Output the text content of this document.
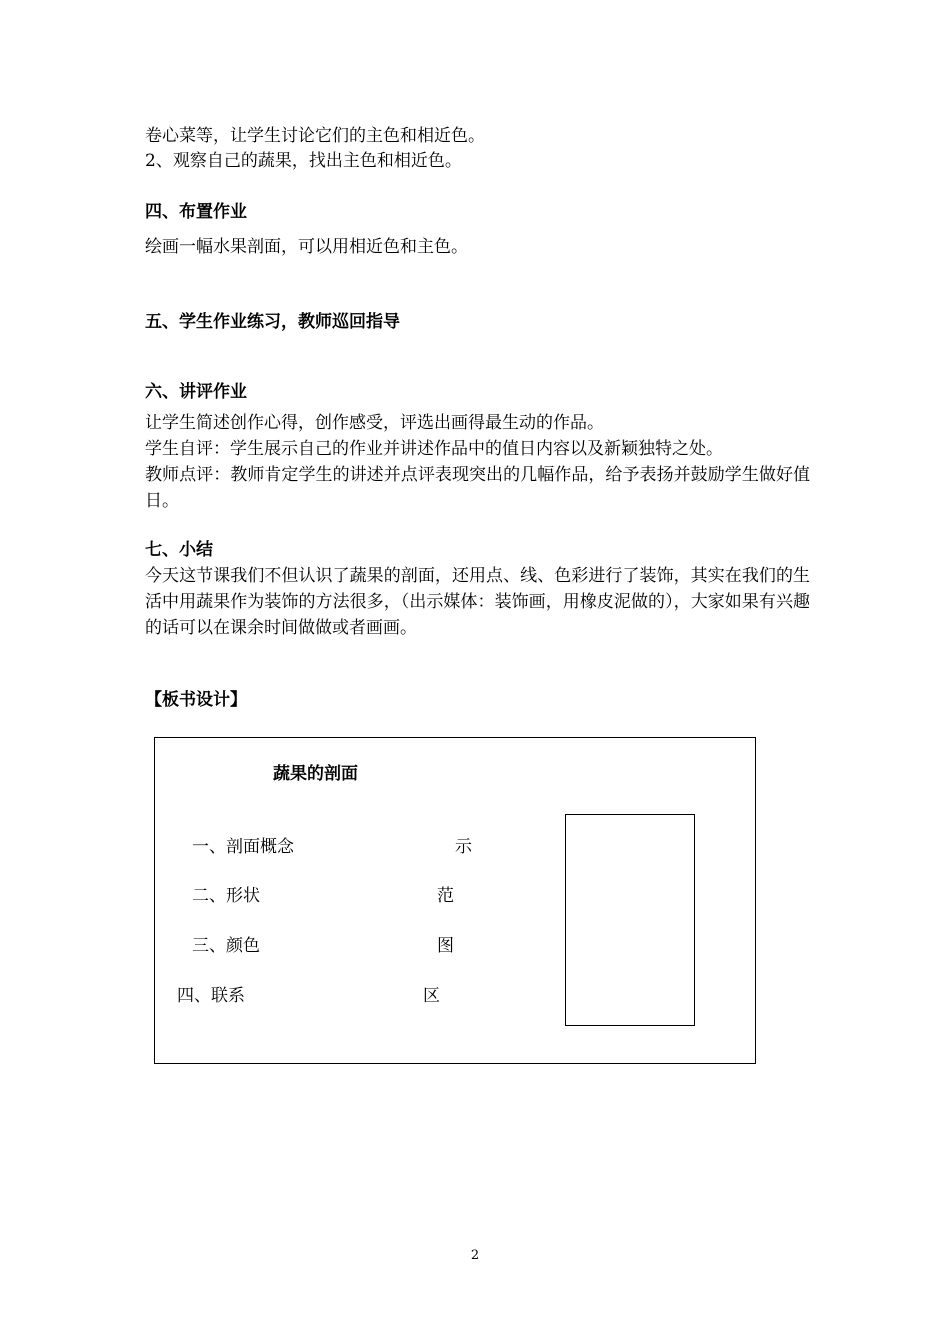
卷心菜等，让学生讨论它们的主色和相近色。
2、观察自己的蔬果，找出主色和相近色。
四、布置作业
绘画一幅水果剖面，可以用相近色和主色。
五、学生作业练习，教师巡回指导
六、讲评作业

让学生简述创作心得，创作感受，评选出画得最生动的作品。

学生自评：学生展示自己的作业并讲述作品中的值日内容以及新颖独特之处。

教师点评：教师肯定学生的讲述并点评表现突出的几幅作品，给予表扬并鼓励学生做好值日。

七、小结

今天这节课我们不但认识了蔬果的剖面，还用点、线、色彩进行了装饰，其实在我们的生活中用蔬果作为装饰的方法很多，（出示媒体：装饰画，用橡皮泥做的），大家如果有兴趣的话可以在课余时间做做或者画画。

【板书设计】
蔬果的剖面
一、剖面概念
二、形状
三、颜色
四、联系
示
范
图
区
2
